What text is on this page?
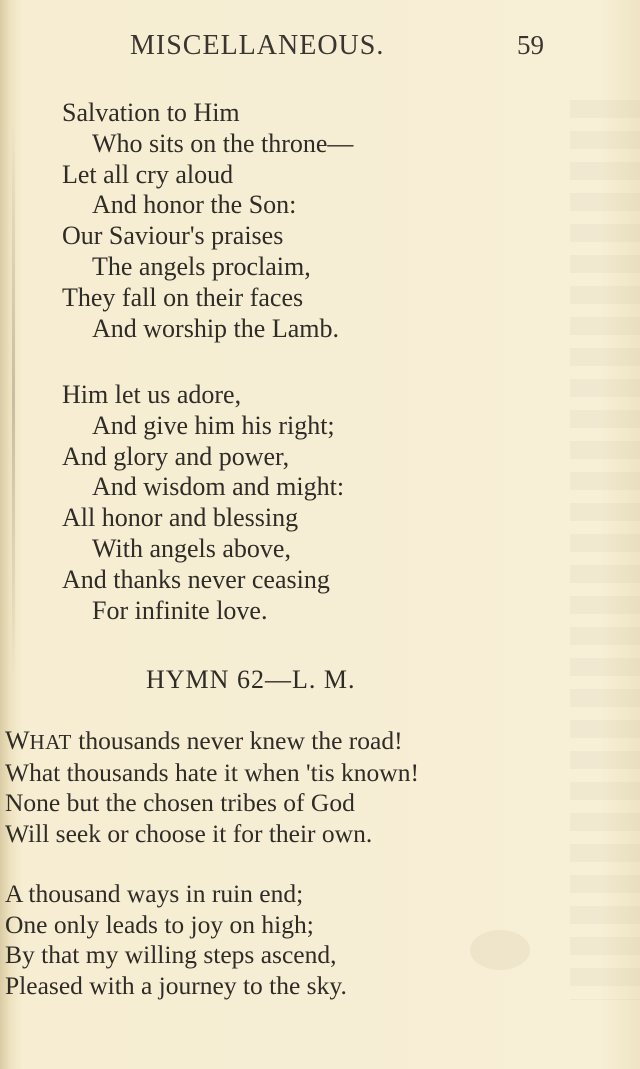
MISCELLANEOUS.	59
Salvation to Him
Who sits on the throne—
Let all cry aloud
And honor the Son:
Our Saviour's praises
The angels proclaim,
They fall on their faces
And worship the Lamb.
Him let us adore,
And give him his right;
And glory and power,
And wisdom and might:
All honor and blessing
With angels above,
And thanks never ceasing
For infinite love.
HYMN 62—L. M.
WHAT thousands never knew the road!
What thousands hate it when 'tis known!
None but the chosen tribes of God
Will seek or choose it for their own.
A thousand ways in ruin end;
One only leads to joy on high;
By that my willing steps ascend,
Pleased with a journey to the sky.
